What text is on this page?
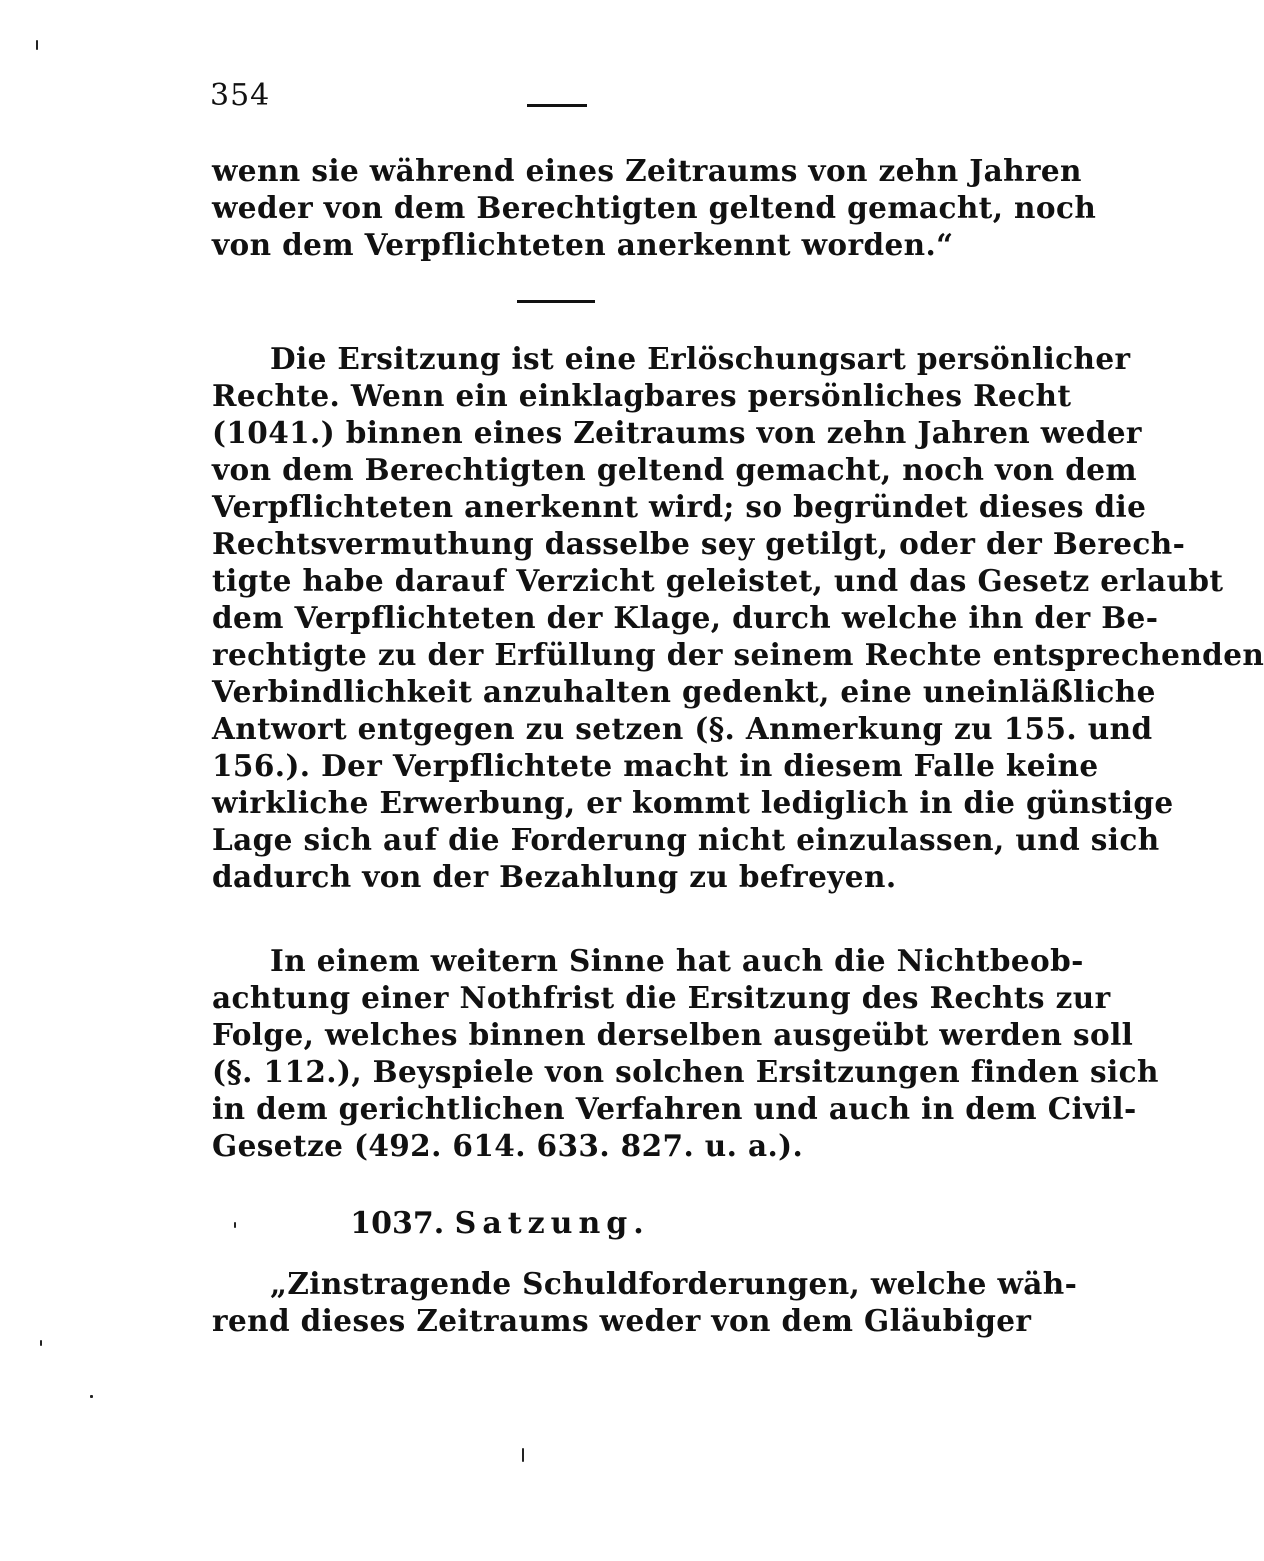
354
wenn sie während eines Zeitraums von zehn Jahren
weder von dem Berechtigten geltend gemacht, noch
von dem Verpflichteten anerkennt worden.“
Die Ersitzung ist eine Erlöschungsart persönlicher
Rechte. Wenn ein einklagbares persönliches Recht
(1041.) binnen eines Zeitraums von zehn Jahren weder
von dem Berechtigten geltend gemacht, noch von dem
Verpflichteten anerkennt wird; so begründet dieses die
Rechtsvermuthung dasselbe sey getilgt, oder der Berech-
tigte habe darauf Verzicht geleistet, und das Gesetz erlaubt
dem Verpflichteten der Klage, durch welche ihn der Be-
rechtigte zu der Erfüllung der seinem Rechte entsprechenden
Verbindlichkeit anzuhalten gedenkt, eine uneinläßliche
Antwort entgegen zu setzen (§. Anmerkung zu 155. und
156.). Der Verpflichtete macht in diesem Falle keine
wirkliche Erwerbung, er kommt lediglich in die günstige
Lage sich auf die Forderung nicht einzulassen, und sich
dadurch von der Bezahlung zu befreyen.
In einem weitern Sinne hat auch die Nichtbeob-
achtung einer Nothfrist die Ersitzung des Rechts zur
Folge, welches binnen derselben ausgeübt werden soll
(§. 112.), Beyspiele von solchen Ersitzungen finden sich
in dem gerichtlichen Verfahren und auch in dem Civil-
Gesetze (492. 614. 633. 827. u. a.).
1037. Satzung.
„Zinstragende Schuldforderungen, welche wäh-
rend dieses Zeitraums weder von dem Gläubiger
